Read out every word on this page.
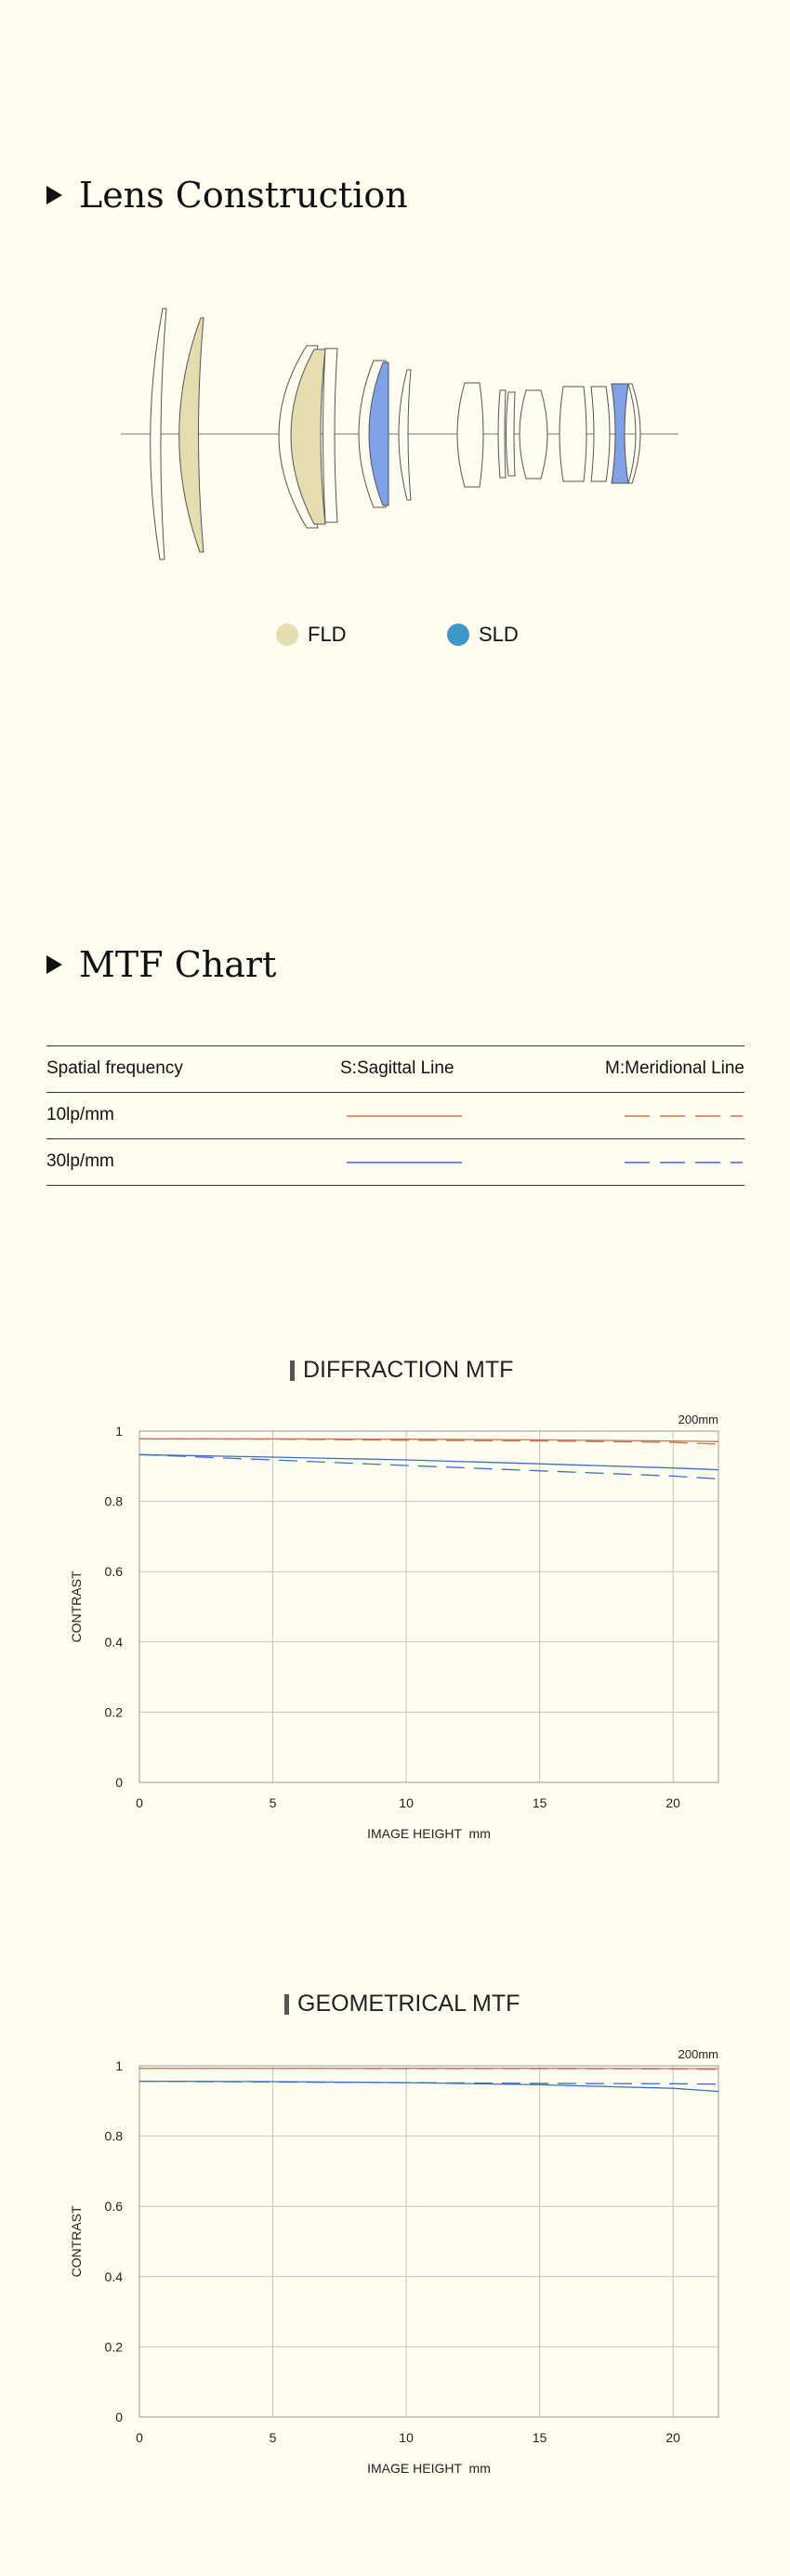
Lens Construction
FLD	SLD
MTF Chart
Spatial frequency	S:Sagittal Line	M:Meridional Line
10lp/mm
30lp/mm
DIFFRACTION MTF
0
0.2
0.4
0.6
0.8
1
0	5	10	15	20
200mm
IMAGE HEIGHT  mm
CONTRAST
GEOMETRICAL MTF
0
0.2
0.4
0.6
0.8
1
0	5	10	15	20
200mm
IMAGE HEIGHT  mm
CONTRAST
